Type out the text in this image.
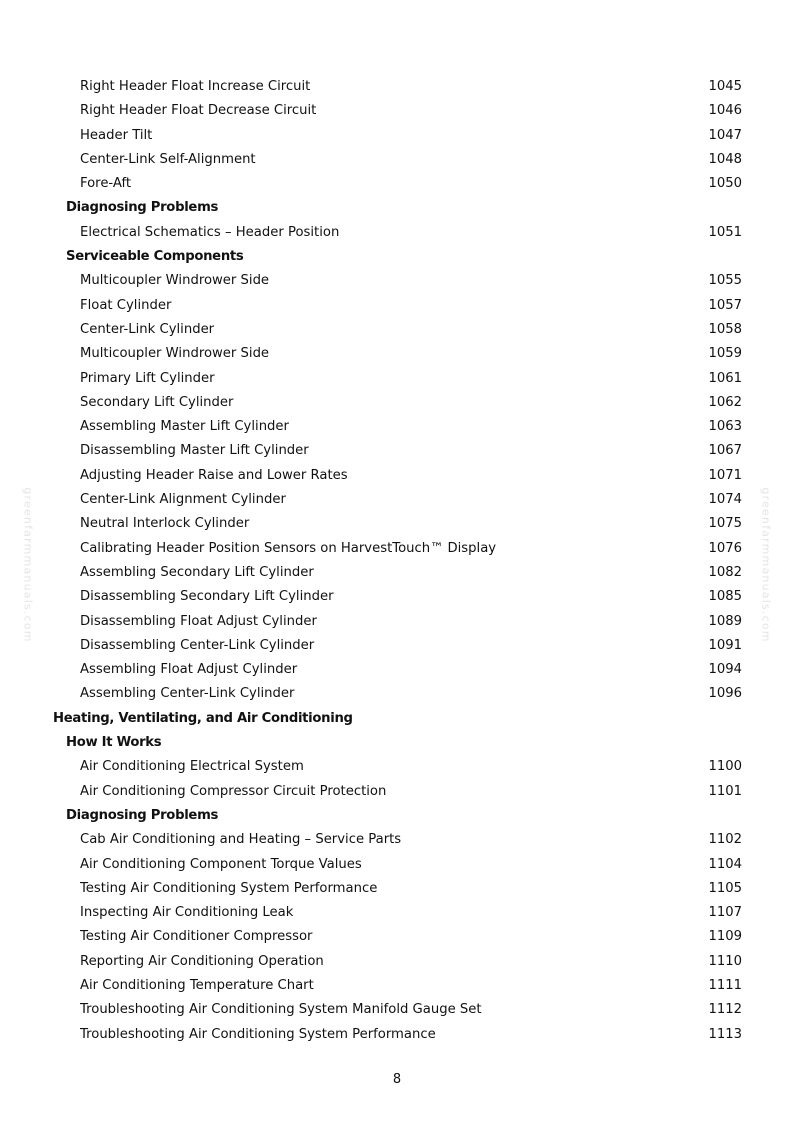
greenfarmmanuals.com	greenfarmmanuals.com
Right Header Float Increase Circuit	1045
Right Header Float Decrease Circuit	1046
Header Tilt	1047
Center-Link Self-Alignment	1048
Fore-Aft	1050
Diagnosing Problems
Electrical Schematics – Header Position	1051
Serviceable Components
Multicoupler Windrower Side	1055
Float Cylinder	1057
Center-Link Cylinder	1058
Multicoupler Windrower Side	1059
Primary Lift Cylinder	1061
Secondary Lift Cylinder	1062
Assembling Master Lift Cylinder	1063
Disassembling Master Lift Cylinder	1067
Adjusting Header Raise and Lower Rates	1071
Center-Link Alignment Cylinder	1074
Neutral Interlock Cylinder	1075
Calibrating Header Position Sensors on HarvestTouch™ Display	1076
Assembling Secondary Lift Cylinder	1082
Disassembling Secondary Lift Cylinder	1085
Disassembling Float Adjust Cylinder	1089
Disassembling Center-Link Cylinder	1091
Assembling Float Adjust Cylinder	1094
Assembling Center-Link Cylinder	1096
Heating, Ventilating, and Air Conditioning
How It Works
Air Conditioning Electrical System	1100
Air Conditioning Compressor Circuit Protection	1101
Diagnosing Problems
Cab Air Conditioning and Heating – Service Parts	1102
Air Conditioning Component Torque Values	1104
Testing Air Conditioning System Performance	1105
Inspecting Air Conditioning Leak	1107
Testing Air Conditioner Compressor	1109
Reporting Air Conditioning Operation	1110
Air Conditioning Temperature Chart	1111
Troubleshooting Air Conditioning System Manifold Gauge Set	1112
Troubleshooting Air Conditioning System Performance	1113
8
